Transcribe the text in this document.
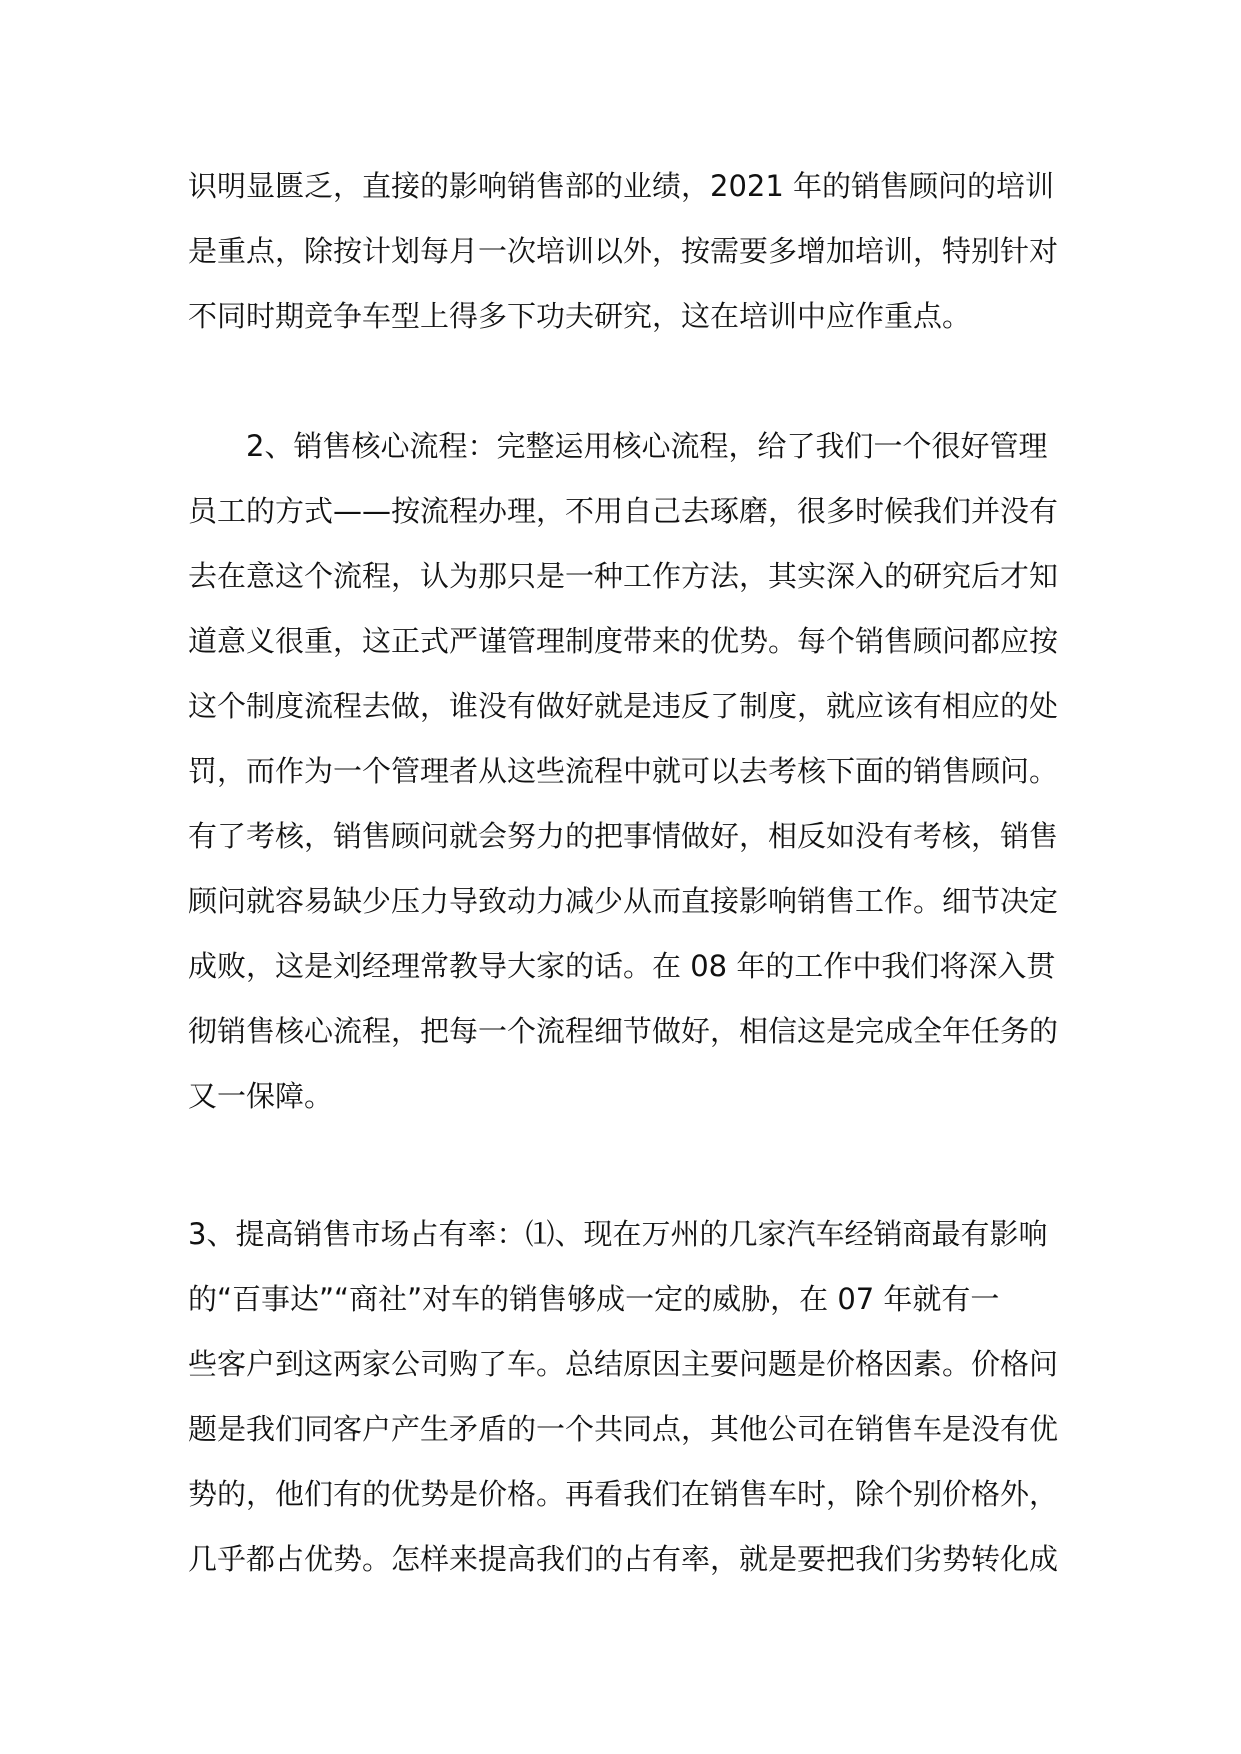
识明显匮乏，直接的影响销售部的业绩，2021 年的销售顾问的培训
是重点，除按计划每月一次培训以外，按需要多增加培训，特别针对
不同时期竞争车型上得多下功夫研究，这在培训中应作重点。
　　2、销售核心流程：完整运用核心流程，给了我们一个很好管理
员工的方式——按流程办理，不用自己去琢磨，很多时候我们并没有
去在意这个流程，认为那只是一种工作方法，其实深入的研究后才知
道意义很重，这正式严谨管理制度带来的优势。每个销售顾问都应按
这个制度流程去做，谁没有做好就是违反了制度，就应该有相应的处
罚，而作为一个管理者从这些流程中就可以去考核下面的销售顾问。
有了考核，销售顾问就会努力的把事情做好，相反如没有考核，销售
顾问就容易缺少压力导致动力减少从而直接影响销售工作。细节决定
成败，这是刘经理常教导大家的话。在 08 年的工作中我们将深入贯
彻销售核心流程，把每一个流程细节做好，相信这是完成全年任务的
又一保障。
3、提高销售市场占有率：⑴、现在万州的几家汽车经销商最有影响
的“百事达”“商社”对车的销售够成一定的威胁，在 07 年就有一
些客户到这两家公司购了车。总结原因主要问题是价格因素。价格问
题是我们同客户产生矛盾的一个共同点，其他公司在销售车是没有优
势的，他们有的优势是价格。再看我们在销售车时，除个别价格外，
几乎都占优势。怎样来提高我们的占有率，就是要把我们劣势转化成
